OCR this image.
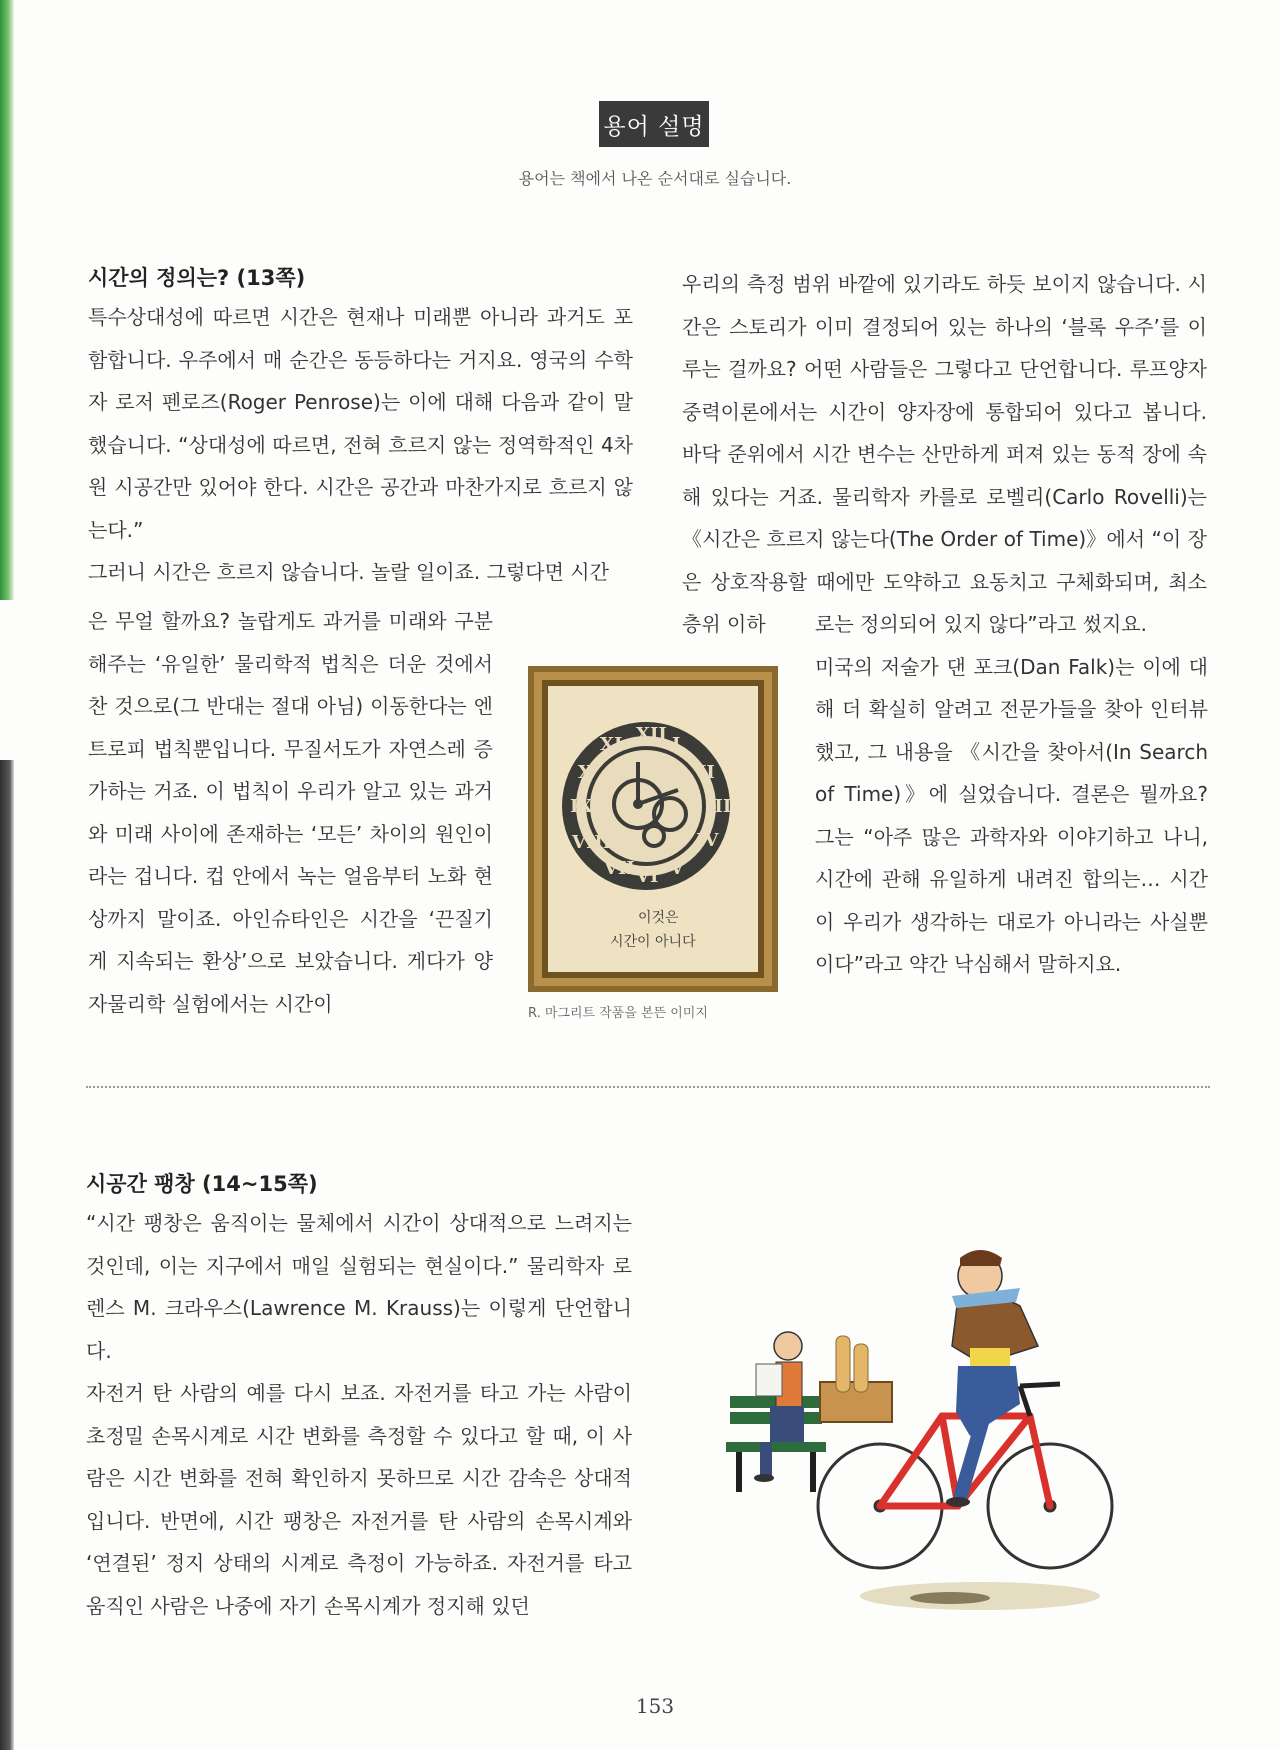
용어 설명
용어는 책에서 나온 순서대로 실습니다.
시간의 정의는? (13쪽)

특수상대성에 따르면 시간은 현재나 미래뿐 아니라 과거도 포함합니다. 우주에서 매 순간은 동등하다는 거지요. 영국의 수학자 로저 펜로즈(Roger Penrose)는 이에 대해 다음과 같이 말했습니다. “상대성에 따르면, 전혀 흐르지 않는 정역학적인 4차원 시공간만 있어야 한다. 시간은 공간과 마찬가지로 흐르지 않는다.”

그러니 시간은 흐르지 않습니다. 놀랄 일이죠. 그렇다면 시간

은 무얼 할까요? 놀랍게도 과거를 미래와 구분해주는 ‘유일한’ 물리학적 법칙은 더운 것에서 찬 것으로(그 반대는 절대 아님) 이동한다는 엔트로피 법칙뿐입니다. 무질서도가 자연스레 증가하는 거죠. 이 법칙이 우리가 알고 있는 과거와 미래 사이에 존재하는 ‘모든’ 차이의 원인이라는 겁니다. 컵 안에서 녹는 얼음부터 노화 현상까지 말이죠. 아인슈타인은 시간을 ‘끈질기게 지속되는 환상’으로 보았습니다. 게다가 양자물리학 실험에서는 시간이

우리의 측정 범위 바깥에 있기라도 하듯 보이지 않습니다. 시간은 스토리가 이미 결정되어 있는 하나의 ‘블록 우주’를 이루는 걸까요? 어떤 사람들은 그렇다고 단언합니다. 루프양자중력이론에서는 시간이 양자장에 통합되어 있다고 봅니다. 바닥 준위에서 시간 변수는 산만하게 퍼져 있는 동적 장에 속해 있다는 거죠. 물리학자 카를로 로벨리(Carlo Rovelli)는 《시간은 흐르지 않는다(The Order of Time)》에서 “이 장은 상호작용할 때에만 도약하고 요동치고 구체화되며, 최소 층위 이하	로는 정의되어 있지 않다”라고 썼지요.

미국의 저술가 댄 포크(Dan Falk)는 이에 대해 더 확실히 알려고 전문가들을 찾아 인터뷰했고, 그 내용을 《시간을 찾아서(In Search of Time)》에 실었습니다. 결론은 뭘까요? 그는 “아주 많은 과학자와 이야기하고 나니, 시간에 관해 유일하게 내려진 합의는… 시간이 우리가 생각하는 대로가 아니라는 사실뿐이다”라고 약간 낙심해서 말하지요.

XII I
II
III
IV
V
VI
VII
VIII
IX
X
XI
이것은
시간이 아니다
R. 마그리트 작품을 본뜬 이미지
시공간 팽창 (14~15쪽)

“시간 팽창은 움직이는 물체에서 시간이 상대적으로 느려지는 것인데, 이는 지구에서 매일 실험되는 현실이다.” 물리학자 로렌스 M. 크라우스(Lawrence M. Krauss)는 이렇게 단언합니다.

자전거 탄 사람의 예를 다시 보죠. 자전거를 타고 가는 사람이 초정밀 손목시계로 시간 변화를 측정할 수 있다고 할 때, 이 사람은 시간 변화를 전혀 확인하지 못하므로 시간 감속은 상대적입니다. 반면에, 시간 팽창은 자전거를 탄 사람의 손목시계와 ‘연결된’ 정지 상태의 시계로 측정이 가능하죠. 자전거를 타고 움직인 사람은 나중에 자기 손목시계가 정지해 있던

153
